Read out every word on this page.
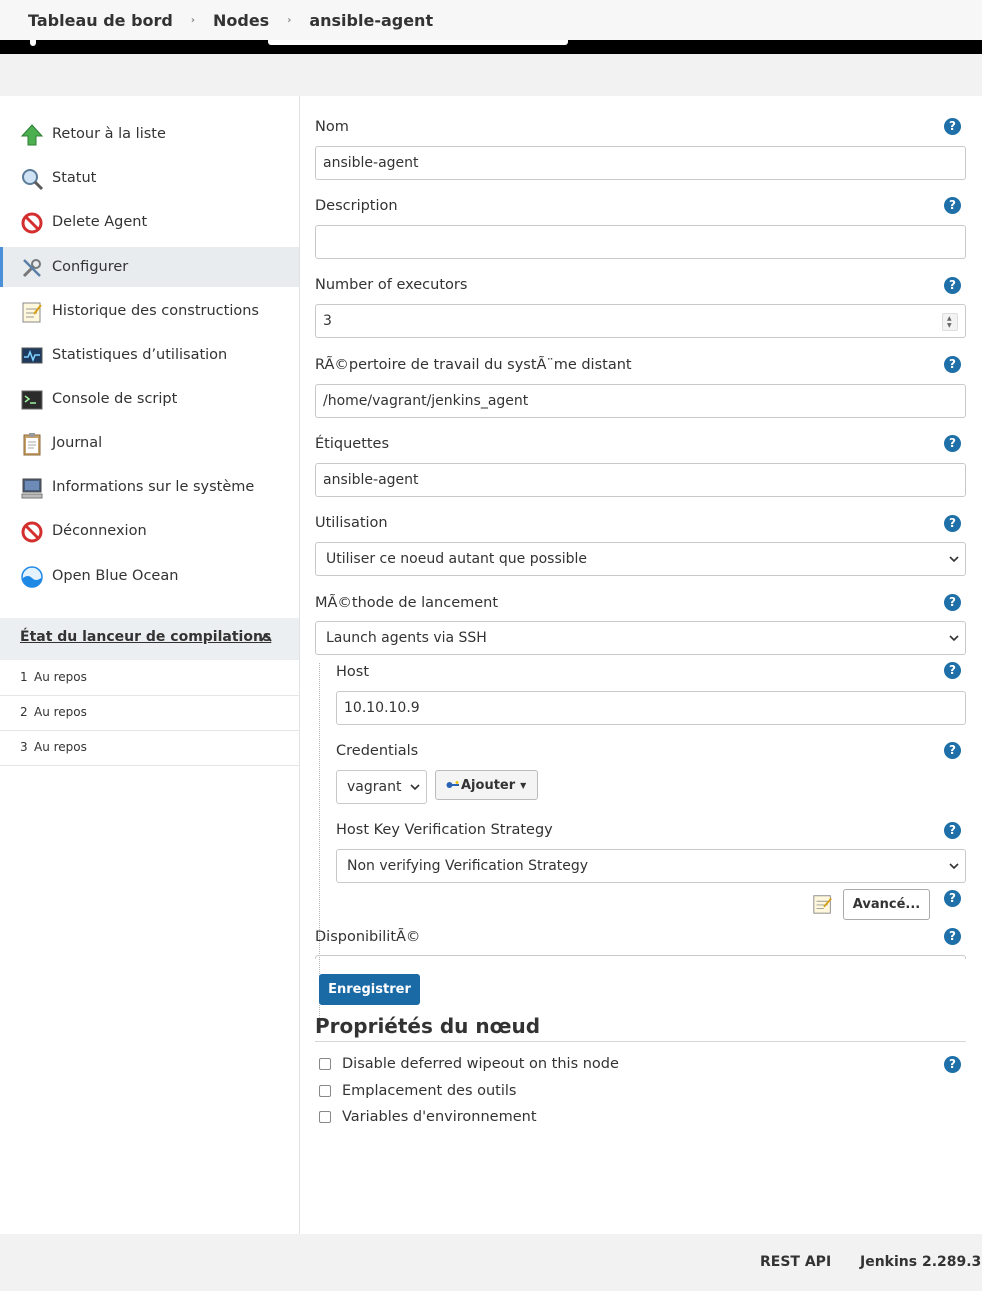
Tableau de bord › Nodes › ansible-agent
Retour à la liste
Statut
Delete Agent
Configurer
Historique des constructions
Statistiques d’utilisation
Console de script
Journal
Informations sur le système
Déconnexion
Open Blue Ocean
État du lanceur de compilations
1 Au repos
2 Au repos
3 Au repos
Nom	?
ansible-agent
Description	?
Number of executors	?
3	▲
▼
RÃ©pertoire de travail du systÃ¨me distant	?
/home/vagrant/jenkins_agent
Étiquettes	?
ansible-agent
Utilisation	?
Utiliser ce noeud autant que possible
MÃ©thode de lancement	?
Launch agents via SSH
Host	?
10.10.10.9
Credentials	?
vagrant	Ajouter ▼
Host Key Verification Strategy	?
Non verifying Verification Strategy
Avancé...	?
DisponibilitÃ©	?
Enregistrer
Propriétés du nœud
Disable deferred wipeout on this node	?
Emplacement des outils
Variables d'environnement
REST API Jenkins 2.289.3
